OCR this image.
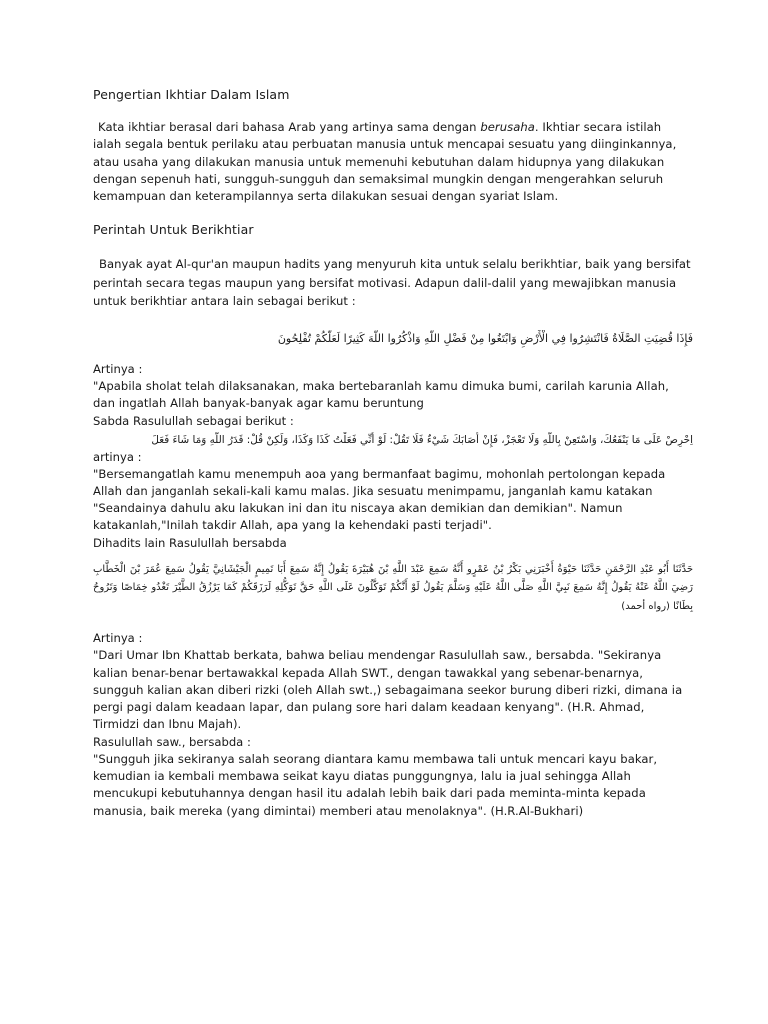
Pengertian Ikhtiar Dalam Islam

Kata ikhtiar berasal dari bahasa Arab yang artinya sama dengan berusaha. Ikhtiar secara istilah ialah segala bentuk perilaku atau perbuatan manusia untuk mencapai sesuatu yang diinginkannya, atau usaha yang dilakukan manusia untuk memenuhi kebutuhan dalam hidupnya yang dilakukan dengan sepenuh hati, sungguh-sungguh dan semaksimal mungkin dengan mengerahkan seluruh kemampuan dan keterampilannya serta dilakukan sesuai dengan syariat Islam.

Perintah Untuk Berikhtiar

Banyak ayat Al-qur'an maupun hadits yang menyuruh kita untuk selalu berikhtiar, baik yang bersifat perintah secara tegas maupun yang bersifat motivasi. Adapun dalil-dalil yang mewajibkan manusia untuk berikhtiar antara lain sebagai berikut :

فَإِذَا قُضِيَتِ الصَّلَاةُ فَانْتَشِرُوا فِي الْأَرْضِ وَابْتَغُوا مِنْ فَضْلِ اللَّهِ وَاذْكُرُوا اللَّهَ كَثِيرًا لَعَلَّكُمْ تُفْلِحُونَ

Artinya :

"Apabila sholat telah dilaksanakan, maka bertebaranlah kamu dimuka bumi, carilah karunia Allah, dan ingatlah Allah banyak-banyak agar kamu beruntung

Sabda Rasulullah sebagai berikut :

اِحْرِصْ عَلَى مَا يَنْفَعُكَ، وَاسْتَعِنْ بِاللَّهِ وَلَا تَعْجَزْ، فَإِنْ أَصَابَكَ شَيْءٌ فَلَا تَقُلْ: لَوْ أَنِّي فَعَلْتُ كَذَا وَكَذَا، وَلَكِنْ قُلْ: قَدَرُ اللَّهِ وَمَا شَاءَ فَعَلَ

artinya :

"Bersemangatlah kamu menempuh aoa yang bermanfaat bagimu, mohonlah pertolongan kepada Allah dan janganlah sekali-kali kamu malas. Jika sesuatu menimpamu, janganlah kamu katakan "Seandainya dahulu aku lakukan ini dan itu niscaya akan demikian dan demikian". Namun katakanlah,"Inilah takdir Allah, apa yang Ia kehendaki pasti terjadi".

Dihadits lain Rasulullah bersabda

حَدَّثَنَا أَبُو عَبْدِ الرَّحْمَنِ حَدَّثَنَا حَيْوَةُ أَخْبَرَنِي بَكْرُ بْنُ عَمْرٍو أَنَّهُ سَمِعَ عَبْدَ اللَّهِ بْنَ هُبَيْرَةَ يَقُولُ إِنَّهُ سَمِعَ أَبَا تَمِيمٍ الْجَيْشَانِيَّ يَقُولُ سَمِعَ عُمَرَ بْنَ الْخَطَّابِ رَضِيَ اللَّهُ عَنْهُ يَقُولُ إِنَّهُ سَمِعَ نَبِيَّ اللَّهِ صَلَّى اللَّهُ عَلَيْهِ وَسَلَّمَ يَقُولُ لَوْ أَنَّكُمْ تَوَكَّلُونَ عَلَى اللَّهِ حَقَّ تَوَكُّلِهِ لَرَزَقَكُمْ كَمَا يَرْزُقُ الطَّيْرَ تَغْدُو خِمَاصًا وَتَرُوحُ بِطَانًا (رواه أحمد)

Artinya :

"Dari Umar Ibn Khattab berkata, bahwa beliau mendengar Rasulullah saw., bersabda. "Sekiranya kalian benar-benar bertawakkal kepada Allah SWT., dengan tawakkal yang sebenar-benarnya, sungguh kalian akan diberi rizki (oleh Allah swt.,) sebagaimana seekor burung diberi rizki, dimana ia pergi pagi dalam keadaan lapar, dan pulang sore hari dalam keadaan kenyang". (H.R. Ahmad, Tirmidzi dan Ibnu Majah).

Rasulullah saw., bersabda :

"Sungguh jika sekiranya salah seorang diantara kamu membawa tali untuk mencari kayu bakar, kemudian ia kembali membawa seikat kayu diatas punggungnya, lalu ia jual sehingga Allah mencukupi kebutuhannya dengan hasil itu adalah lebih baik dari pada meminta-minta kepada manusia, baik mereka (yang dimintai) memberi atau menolaknya". (H.R.Al-Bukhari)
